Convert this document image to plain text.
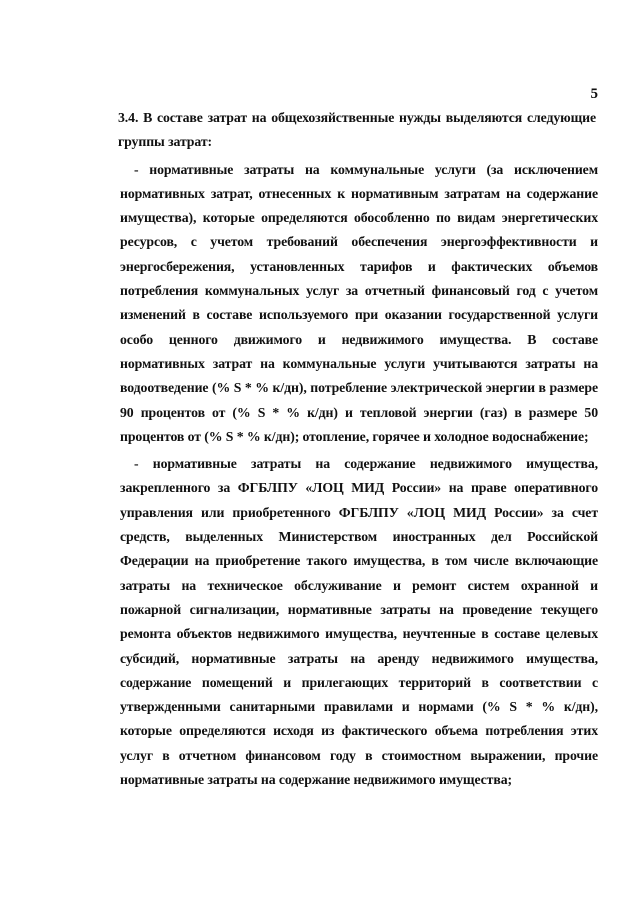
5

3.4. В составе затрат на общехозяйственные нужды выделяются следующие группы затрат:

- нормативные затраты на коммунальные услуги (за исключением нормативных затрат, отнесенных к нормативным затратам на содержание имущества), которые определяются обособленно по видам энергетических ресурсов, с учетом требований обеспечения энергоэффективности и энергосбережения, установленных тарифов и фактических объемов потребления коммунальных услуг за отчетный финансовый год с учетом изменений в составе используемого при оказании государственной услуги особо ценного движимого и недвижимого имущества. В составе нормативных затрат на коммунальные услуги учитываются затраты на водоотведение (% S * % к/дн), потребление электрической энергии в размере 90 процентов от (% S * % к/дн) и тепловой энергии (газ) в размере 50 процентов от (% S * % к/дн); отопление, горячее и холодное водоснабжение;

- нормативные затраты на содержание недвижимого имущества, закрепленного за ФГБЛПУ «ЛОЦ МИД России» на праве оперативного управления или приобретенного ФГБЛПУ «ЛОЦ МИД России» за счет средств, выделенных Министерством иностранных дел Российской Федерации на приобретение такого имущества, в том числе включающие затраты на техническое обслуживание и ремонт систем охранной и пожарной сигнализации, нормативные затраты на проведение текущего ремонта объектов недвижимого имущества, неучтенные в составе целевых субсидий, нормативные затраты на аренду недвижимого имущества, содержание помещений и прилегающих территорий в соответствии с утвержденными санитарными правилами и нормами (% S * % к/дн), которые определяются исходя из фактического объема потребления этих услуг в отчетном финансовом году в стоимостном выражении, прочие нормативные затраты на содержание недвижимого имущества;
